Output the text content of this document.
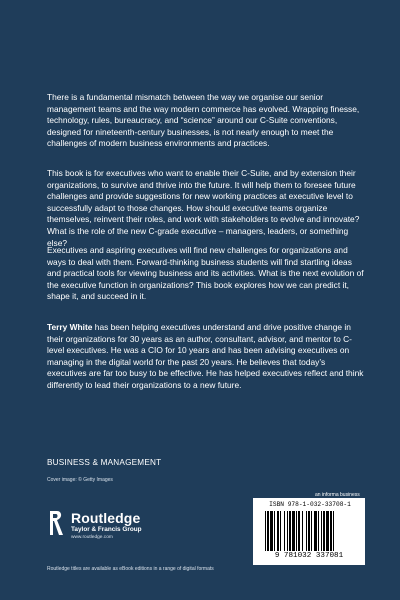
There is a fundamental mismatch between the way we organise our senior management teams and the way modern commerce has evolved. Wrapping finesse, technology, rules, bureaucracy, and “science” around our C-Suite conventions, designed for nineteenth-century businesses, is not nearly enough to meet the challenges of modern business environments and practices.
This book is for executives who want to enable their C-Suite, and by extension their organizations, to survive and thrive into the future. It will help them to foresee future challenges and provide suggestions for new working practices at executive level to successfully adapt to those changes. How should executive teams organize themselves, reinvent their roles, and work with stakeholders to evolve and innovate? What is the role of the new C-grade executive – managers, leaders, or something else?
Executives and aspiring executives will find new challenges for organizations and ways to deal with them. Forward-thinking business students will find startling ideas and practical tools for viewing business and its activities. What is the next evolution of the executive function in organizations? This book explores how we can predict it, shape it, and succeed in it.
Terry White has been helping executives understand and drive positive change in their organizations for 30 years as an author, consultant, advisor, and mentor to C-level executives. He was a CIO for 10 years and has been advising executives on managing in the digital world for the past 20 years. He believes that today’s executives are far too busy to be effective. He has helped executives reflect and think differently to lead their organizations to a new future.
BUSINESS & MANAGEMENT
Cover image: © Getty Images
Routledge
Taylor & Francis Group
www.routledge.com
an informa business
ISBN 978-1-032-33708-1
9 781032 337081
Routledge titles are available as eBook editions in a range of digital formats
